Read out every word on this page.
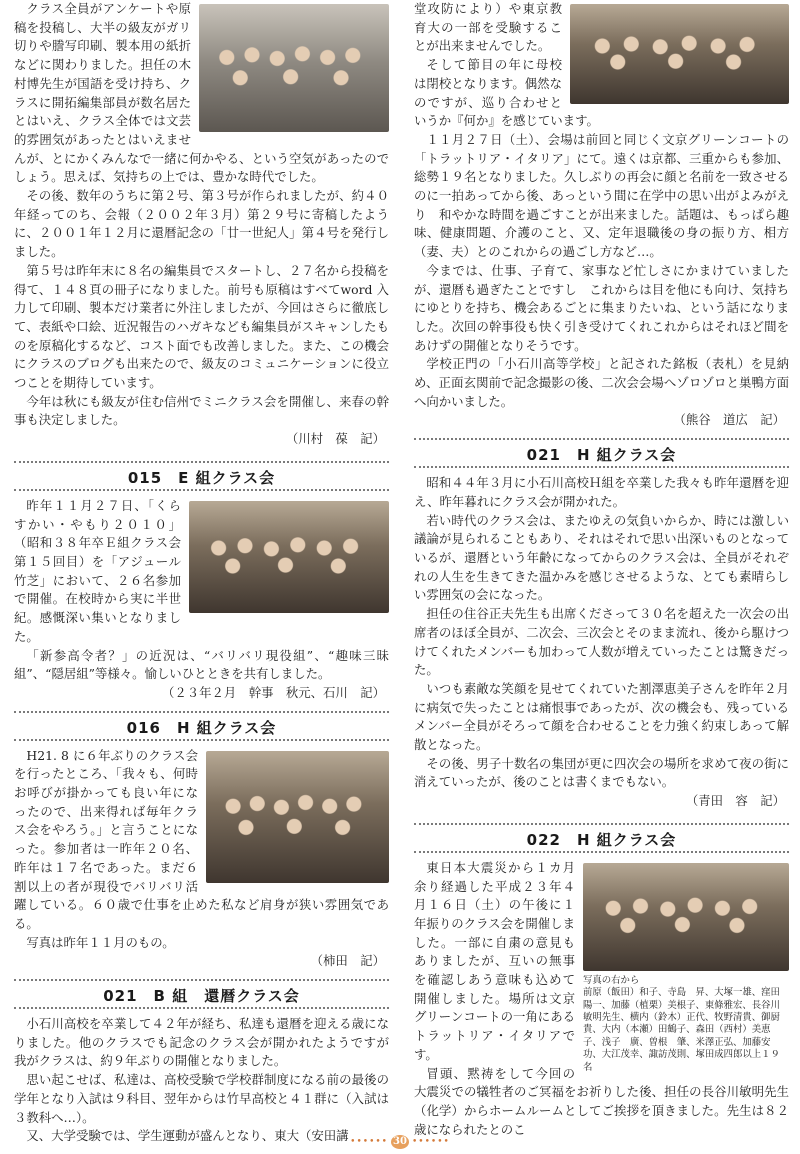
クラス全員がアンケートや原稿を投稿し、大半の級友がガリ切りや謄写印刷、製本用の紙折などに関わりました。担任の木村博先生が国語を受け持ち、クラスに開拓編集部員が数名居たとはいえ、クラス全体では文芸的雰囲気があったとはいえませんが、とにかくみんなで一緒に何かやる、という空気があったのでしょう。思えば、気持ちの上では、豊かな時代でした。

その後、数年のうちに第２号、第３号が作られましたが、約４０年経ってのち、会報（２００２年３月）第２９号に寄稿したように、２００１年１２月に還暦記念の「廿一世紀人」第４号を発行しました。

第５号は昨年末に８名の編集員でスタートし、２７名から投稿を得て、１４８頁の冊子になりました。前号も原稿はすべてword 入力して印刷、製本だけ業者に外注しましたが、今回はさらに徹底して、表紙や口絵、近況報告のハガキなども編集員がスキャンしたものを原稿化するなど、コスト面でも改善しました。また、この機会にクラスのブログも出来たので、級友のコミュニケーションに役立つことを期待しています。

今年は秋にも級友が住む信州でミニクラス会を開催し、来春の幹事も決定しました。

（川村　葆　記）
015　E 組クラス会

昨年１１月２７日、「くらすかい・やもり２０１０」（昭和３８年卒Ｅ組クラス会第１５回目）を「アジュール竹芝」において、２６名参加で開催。在校時から実に半世紀。感慨深い集いとなりました。

「新参高令者？」の近況は、“バリバリ現役組”、“趣味三昧組”、“隠居組”等様々。愉しいひとときを共有しました。

（２３年２月　幹事　秋元、石川　記）
016　H 組クラス会

H21. 8 に６年ぶりのクラス会を行ったところ、「我々も、何時お呼びが掛かっても良い年になったので、出来得れば毎年クラス会をやろう。」と言うことになった。参加者は一昨年２０名、昨年は１７名であった。まだ６割以上の者が現役でバリバリ活躍している。６０歳で仕事を止めた私など肩身が狭い雰囲気である。

写真は昨年１１月のもの。

（柿田　記）
021　B 組　還暦クラス会

小石川高校を卒業して４２年が経ち、私達も還暦を迎える歳になりました。他のクラスでも記念のクラス会が開かれたようですが　我がクラスは、約９年ぶりの開催となりました。

思い起こせば、私達は、高校受験で学校群制度になる前の最後の学年となり入試は９科目、翌年からは竹早高校と４１群に（入試は３教科へ…）。

又、大学受験では、学生運動が盛んとなり、東大（安田講

堂攻防により）や東京教育大の一部を受験することが出来ませんでした。

そして節目の年に母校は閉校となります。偶然なのですが、巡り合わせというか『何か』を感じています。

１１月２７日（土）、会場は前回と同じく文京グリーンコートの「トラットリア・イタリア」にて。遠くは京都、三重からも参加、総勢１９名となりました。久しぶりの再会に顔と名前を一致させるのに一拍あってから後、あっという間に在学中の思い出がよみがえり　和やかな時間を過ごすことが出来ました。話題は、もっぱら趣味、健康問題、介護のこと、又、定年退職後の身の振り方、相方（妻、夫）とのこれからの過ごし方など…。

今までは、仕事、子育て、家事など忙しさにかまけていましたが、還暦も過ぎたことですし　これからは目を他にも向け、気持ちにゆとりを持ち、機会あるごとに集まりたいね、という話になりました。次回の幹事役も快く引き受けてくれこれからはそれほど間をあけずの開催となりそうです。

学校正門の「小石川高等学校」と記された銘板（表札）を見納め、正面玄関前で記念撮影の後、二次会会場へゾロゾロと巣鴨方面へ向かいました。

（熊谷　道広　記）
021　H 組クラス会

昭和４４年３月に小石川高校Ｈ組を卒業した我々も昨年還暦を迎え、昨年暮れにクラス会が開かれた。

若い時代のクラス会は、またゆえの気負いからか、時には激しい議論が見られることもあり、それはそれで思い出深いものとなっているが、還暦という年齢になってからのクラス会は、全員がそれぞれの人生を生きてきた温かみを感じさせるような、とても素晴らしい雰囲気の会になった。

担任の住谷正夫先生も出席くださって３０名を超えた一次会の出席者のほぼ全員が、二次会、三次会とそのまま流れ、後から駆けつけてくれたメンバーも加わって人数が増えていったことは驚きだった。

いつも素敵な笑顔を見せてくれていた割澤恵美子さんを昨年２月に病気で失ったことは痛恨事であったが、次の機会も、残っているメンバー全員がそろって顔を合わせることを力強く約束しあって解散となった。

その後、男子十数名の集団が更に四次会の場所を求めて夜の街に消えていったが、後のことは書くまでもない。

（青田　容　記）
022　H 組クラス会
写真の右から
前原（飯田）和子、寺島　昇、大塚一雄、窪田陽一、加藤（植栗）美根子、東條雅宏、長谷川敏明先生、横内（鈴木）正代、牧野清貴、御厨　貴、大内（本瀬）田鶴子、森田（西村）美恵子、浅子　廣、曽根　肇、米澤正弘、加藤安功、大江茂幸、諏訪茂則、塚田成四郎以上１９名

東日本大震災から１カ月余り経過した平成２３年４月１６日（土）の午後に１年振りのクラス会を開催しました。一部に自粛の意見もありましたが、互いの無事を確認しあう意味も込めて開催しました。場所は文京グリーンコートの一角にあるトラットリア・イタリアです。

冒頭、黙祷をして今回の大震災での犠牲者のご冥福をお祈りした後、担任の長谷川敏明先生（化学）からホームルームとしてご挨拶を頂きました。先生は８２歳になられたとのこ

•••••• 30 ••••••
